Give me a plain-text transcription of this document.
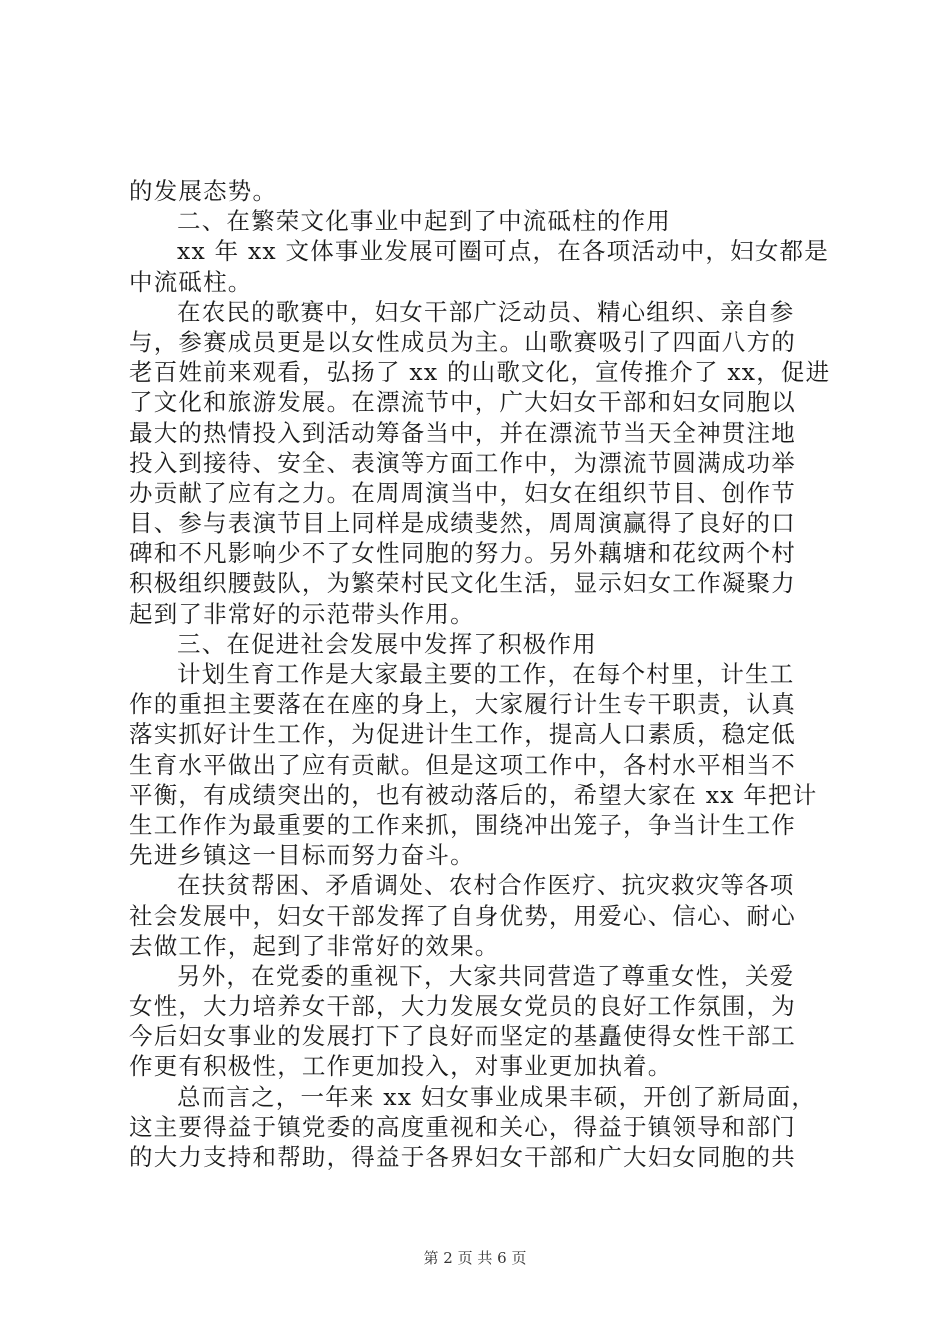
的发展态势。
二、在繁荣文化事业中起到了中流砥柱的作用
xx 年 xx 文体事业发展可圈可点，在各项活动中，妇女都是
中流砥柱。
在农民的歌赛中，妇女干部广泛动员、精心组织、亲自参
与，参赛成员更是以女性成员为主。山歌赛吸引了四面八方的
老百姓前来观看，弘扬了 xx 的山歌文化，宣传推介了 xx，促进
了文化和旅游发展。在漂流节中，广大妇女干部和妇女同胞以
最大的热情投入到活动筹备当中，并在漂流节当天全神贯注地
投入到接待、安全、表演等方面工作中，为漂流节圆满成功举
办贡献了应有之力。在周周演当中，妇女在组织节目、创作节
目、参与表演节目上同样是成绩斐然，周周演赢得了良好的口
碑和不凡影响少不了女性同胞的努力。另外藕塘和花纹两个村
积极组织腰鼓队，为繁荣村民文化生活，显示妇女工作凝聚力
起到了非常好的示范带头作用。
三、在促进社会发展中发挥了积极作用
计划生育工作是大家最主要的工作，在每个村里，计生工
作的重担主要落在在座的身上，大家履行计生专干职责，认真
落实抓好计生工作，为促进计生工作，提高人口素质，稳定低
生育水平做出了应有贡献。但是这项工作中，各村水平相当不
平衡，有成绩突出的，也有被动落后的，希望大家在 xx 年把计
生工作作为最重要的工作来抓，围绕冲出笼子，争当计生工作
先进乡镇这一目标而努力奋斗。
在扶贫帮困、矛盾调处、农村合作医疗、抗灾救灾等各项
社会发展中，妇女干部发挥了自身优势，用爱心、信心、耐心
去做工作，起到了非常好的效果。
另外，在党委的重视下，大家共同营造了尊重女性，关爱
女性，大力培养女干部，大力发展女党员的良好工作氛围，为
今后妇女事业的发展打下了良好而坚定的基矗使得女性干部工
作更有积极性，工作更加投入，对事业更加执着。
总而言之，一年来 xx 妇女事业成果丰硕，开创了新局面，
这主要得益于镇党委的高度重视和关心，得益于镇领导和部门
的大力支持和帮助，得益于各界妇女干部和广大妇女同胞的共
第 2 页 共 6 页
